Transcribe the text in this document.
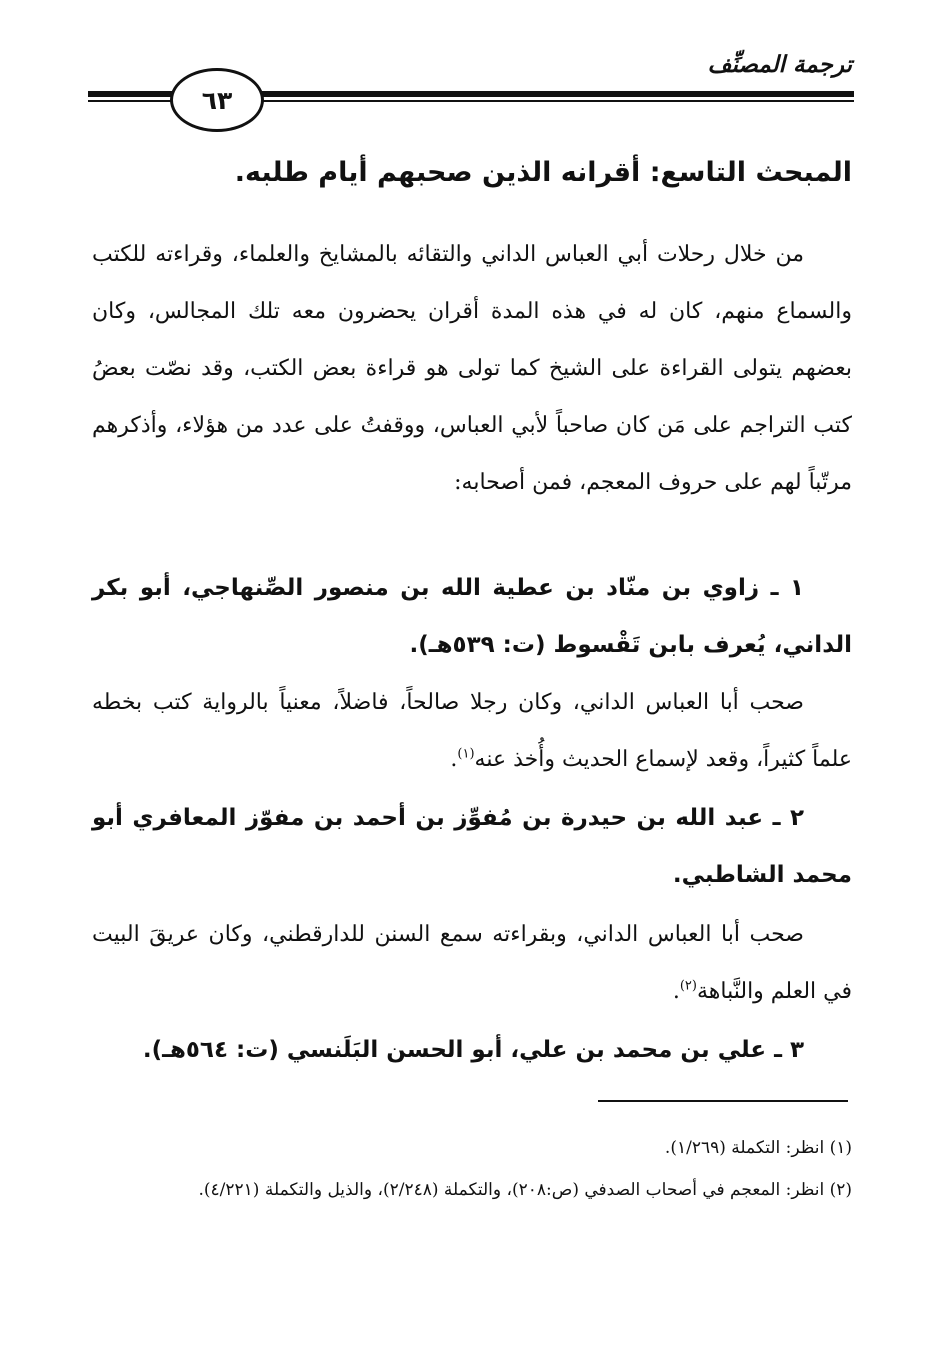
ترجمة المصنِّف
٦٣
المبحث التاسع: أقرانه الذين صحبهم أيام طلبه.
من خلال رحلات أبي العباس الداني والتقائه بالمشايخ والعلماء، وقراءته للكتب والسماع منهم، كان له في هذه المدة أقران يحضرون معه تلك المجالس، وكان بعضهم يتولى القراءة على الشيخ كما تولى هو قراءة بعض الكتب، وقد نصّت بعضُ كتب التراجم على مَن كان صاحباً لأبي العباس، ووقفتُ على عدد من هؤلاء، وأذكرهم مرتّباً لهم على حروف المعجم، فمن أصحابه:
١ ـ زاوي بن منّاد بن عطية الله بن منصور الصِّنهاجي، أبو بكر الداني، يُعرف بابن تَقْسوط (ت: ٥٣٩هـ).
صحب أبا العباس الداني، وكان رجلا صالحاً، فاضلاً، معنياً بالرواية كتب بخطه علماً كثيراً، وقعد لإسماع الحديث وأُخذ عنه$^{(١)}$.
٢ ـ عبد الله بن حيدرة بن مُفوِّز بن أحمد بن مفوّز المعافري أبو محمد الشاطبي.
صحب أبا العباس الداني، وبقراءته سمع السنن للدارقطني، وكان عريقَ البيت في العلم والنَّباهة$^{(٢)}$.
٣ ـ علي بن محمد بن علي، أبو الحسن البَلَنسي (ت: ٥٦٤هـ).
(١) انظر: التكملة (١/٢٦٩).
(٢) انظر: المعجم في أصحاب الصدفي (ص:٢٠٨)، والتكملة (٢/٢٤٨)، والذيل والتكملة (٤/٢٢١).
